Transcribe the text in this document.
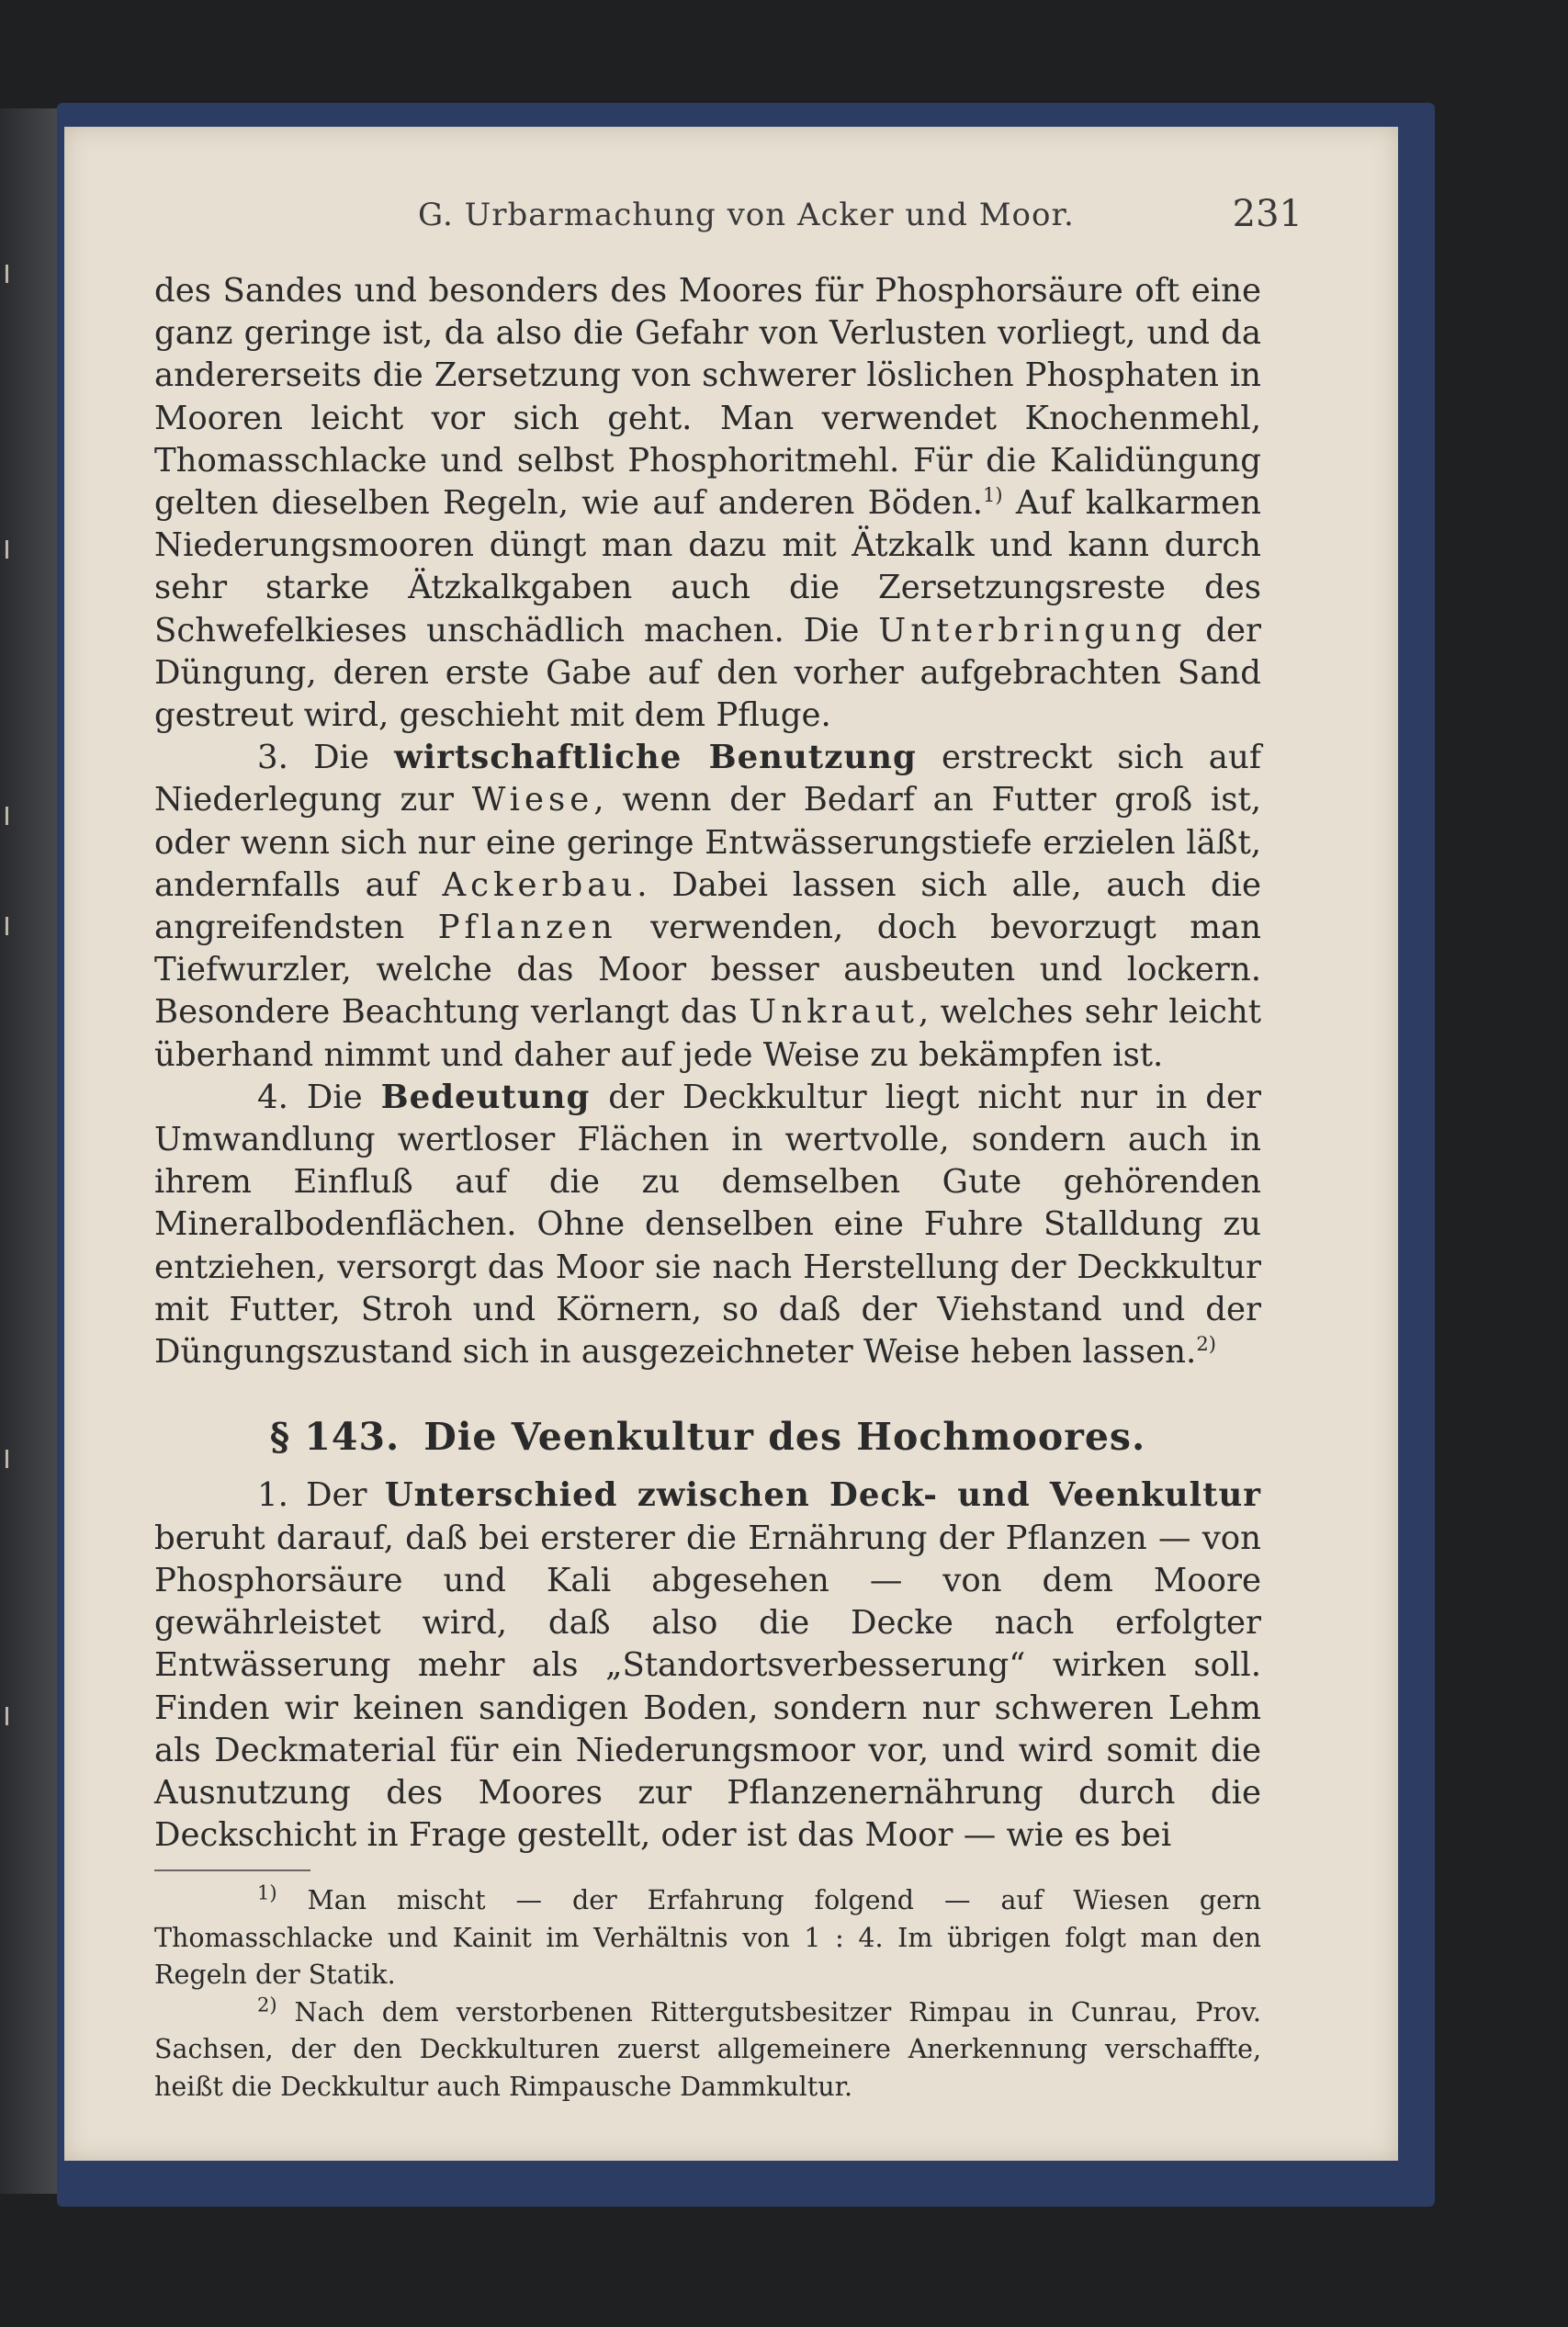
G. Urbarmachung von Acker und Moor.	231

des Sandes und besonders des Moores für Phosphorsäure oft eine ganz geringe ist, da also die Gefahr von Verlusten vorliegt, und da andererseits die Zersetzung von schwerer löslichen Phosphaten in Mooren leicht vor sich geht. Man verwendet Knochenmehl, Thomasschlacke und selbst Phosphoritmehl. Für die Kalidüngung gelten dieselben Regeln, wie auf anderen Böden.$^{1)}$ Auf kalkarmen Niederungsmooren düngt man dazu mit Ätzkalk und kann durch sehr starke Ätzkalkgaben auch die Zersetzungsreste des Schwefelkieses unschädlich machen. Die Unterbringung der Düngung, deren erste Gabe auf den vorher aufgebrachten Sand gestreut wird, geschieht mit dem Pfluge.

3. Die wirtschaftliche Benutzung erstreckt sich auf Niederlegung zur Wiese, wenn der Bedarf an Futter groß ist, oder wenn sich nur eine geringe Entwässerungstiefe erzielen läßt, andernfalls auf Ackerbau. Dabei lassen sich alle, auch die angreifendsten Pflanzen verwenden, doch bevorzugt man Tiefwurzler, welche das Moor besser ausbeuten und lockern. Besondere Beachtung verlangt das Unkraut, welches sehr leicht überhand nimmt und daher auf jede Weise zu bekämpfen ist.

4. Die Bedeutung der Deckkultur liegt nicht nur in der Umwandlung wertloser Flächen in wertvolle, sondern auch in ihrem Einfluß auf die zu demselben Gute gehörenden Mineralbodenflächen. Ohne denselben eine Fuhre Stalldung zu entziehen, versorgt das Moor sie nach Herstellung der Deckkultur mit Futter, Stroh und Körnern, so daß der Viehstand und der Düngungszustand sich in ausgezeichneter Weise heben lassen.$^{2)}$

§ 143. Die Veenkultur des Hochmoores.

1. Der Unterschied zwischen Deck- und Veenkultur beruht darauf, daß bei ersterer die Ernährung der Pflanzen — von Phosphorsäure und Kali abgesehen — von dem Moore gewährleistet wird, daß also die Decke nach erfolgter Entwässerung mehr als „Standortsverbesserung“ wirken soll. Finden wir keinen sandigen Boden, sondern nur schweren Lehm als Deckmaterial für ein Niederungsmoor vor, und wird somit die Ausnutzung des Moores zur Pflanzenernährung durch die Deckschicht in Frage gestellt, oder ist das Moor — wie es bei

$^{1)}$ Man mischt — der Erfahrung folgend — auf Wiesen gern Thomasschlacke und Kainit im Verhältnis von 1 : 4. Im übrigen folgt man den Regeln der Statik.

$^{2)}$ Nach dem verstorbenen Rittergutsbesitzer Rimpau in Cunrau, Prov. Sachsen, der den Deckkulturen zuerst allgemeinere Anerkennung verschaffte, heißt die Deckkultur auch Rimpausche Dammkultur.
